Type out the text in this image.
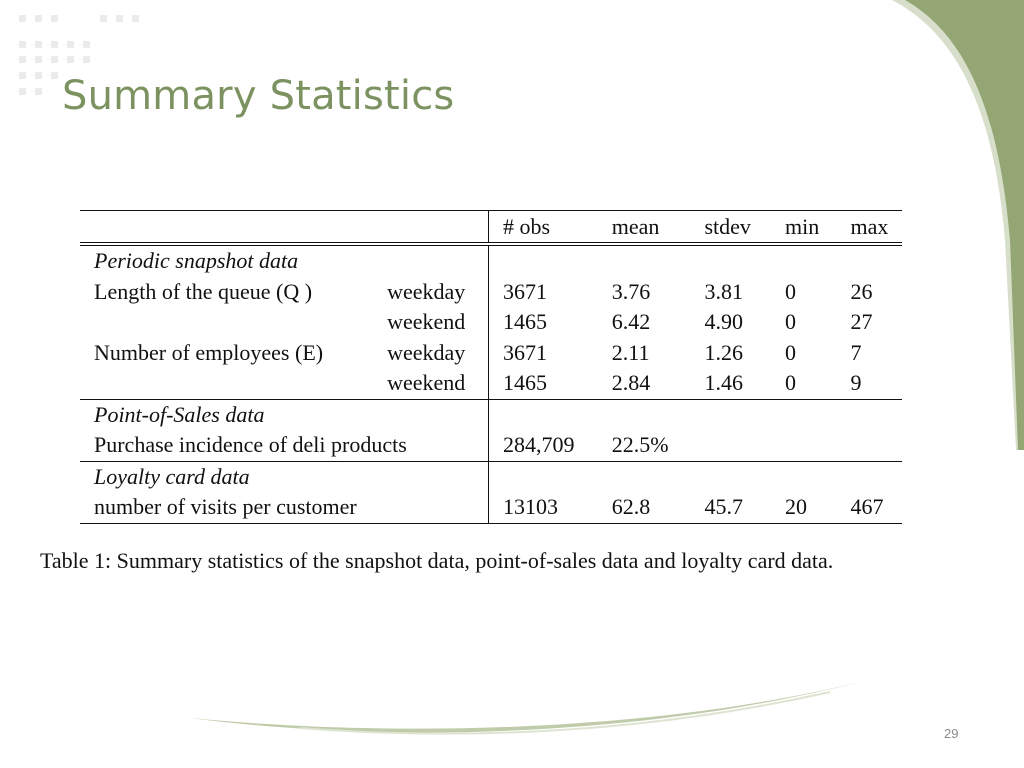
Summary Statistics
		# obs	mean	stdev	min	max
Periodic snapshot data						
Length of the queue (Q )	weekday	3671	3.76	3.81	0	26
	weekend	1465	6.42	4.90	0	27
Number of employees (E)	weekday	3671	2.11	1.26	0	7
	weekend	1465	2.84	1.46	0	9
Point-of-Sales data						
Purchase incidence of deli products		284,709	22.5%			
Loyalty card data						
number of visits per customer		13103	62.8	45.7	20	467

Table 1: Summary statistics of the snapshot data, point-of-sales data and loyalty card data.

29
